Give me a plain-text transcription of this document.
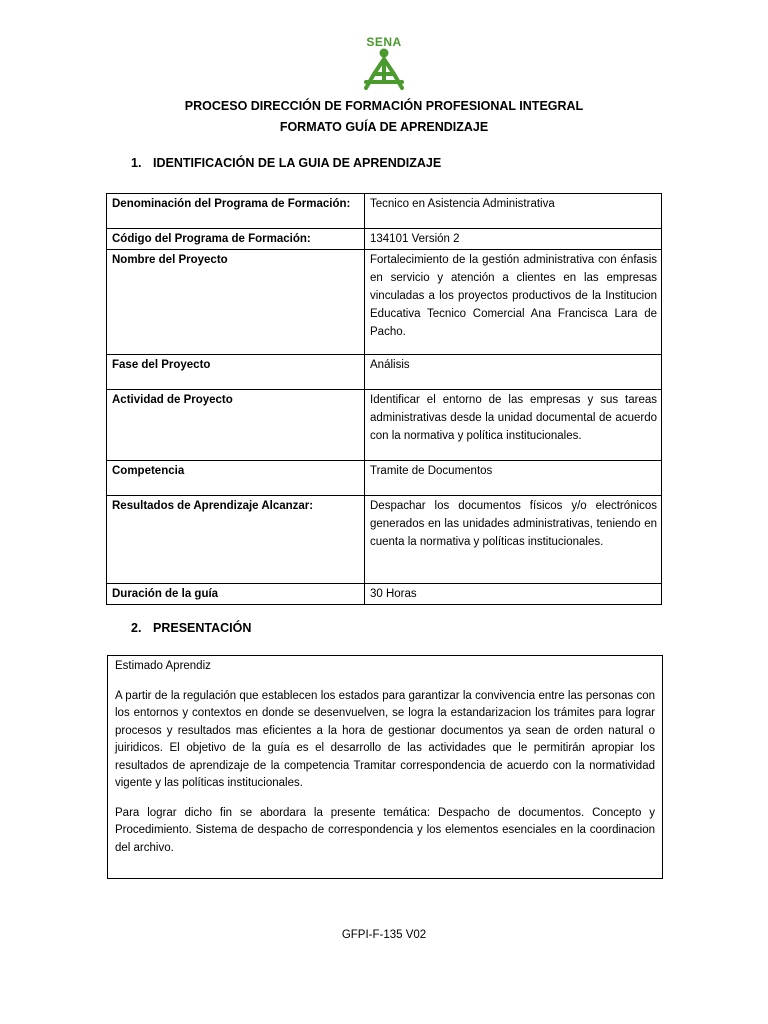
SENA
PROCESO DIRECCIÓN DE FORMACIÓN PROFESIONAL INTEGRAL
FORMATO GUÍA DE APRENDIZAJE
1. IDENTIFICACIÓN DE LA GUIA DE APRENDIZAJE
Denominación del Programa de Formación:	Tecnico en Asistencia Administrativa
Código del Programa de Formación:	134101 Versión 2
Nombre del Proyecto	Fortalecimiento de la gestión administrativa con énfasis en servicio y atención a clientes en las empresas vinculadas a los proyectos productivos de la Institucion Educativa Tecnico Comercial Ana Francisca Lara de Pacho.
Fase del Proyecto	Análisis
Actividad de Proyecto	Identificar el entorno de las empresas y sus tareas administrativas desde la unidad documental de acuerdo con la normativa y política institucionales.
Competencia	Tramite de Documentos
Resultados de Aprendizaje Alcanzar:	Despachar los documentos físicos y/o electrónicos generados en las unidades administrativas, teniendo en cuenta la normativa y políticas institucionales.
Duración de la guía	30 Horas
2. PRESENTACIÓN

Estimado Aprendiz

A partir de la regulación que establecen los estados para garantizar la convivencia entre las personas con los entornos y contextos en donde se desenvuelven, se logra la estandarizacion los trámites para lograr procesos y resultados mas eficientes a la hora de gestionar documentos ya sean de orden natural o juiridicos. El objetivo de la guía es el desarrollo de las actividades que le permitirán apropiar los resultados de aprendizaje de la competencia Tramitar correspondencia de acuerdo con la normatividad vigente y las políticas institucionales.

Para lograr dicho fin se abordara la presente temática: Despacho de documentos. Concepto y Procedimiento. Sistema de despacho de correspondencia y los elementos esenciales en la coordinacion del archivo.

GFPI-F-135 V02
